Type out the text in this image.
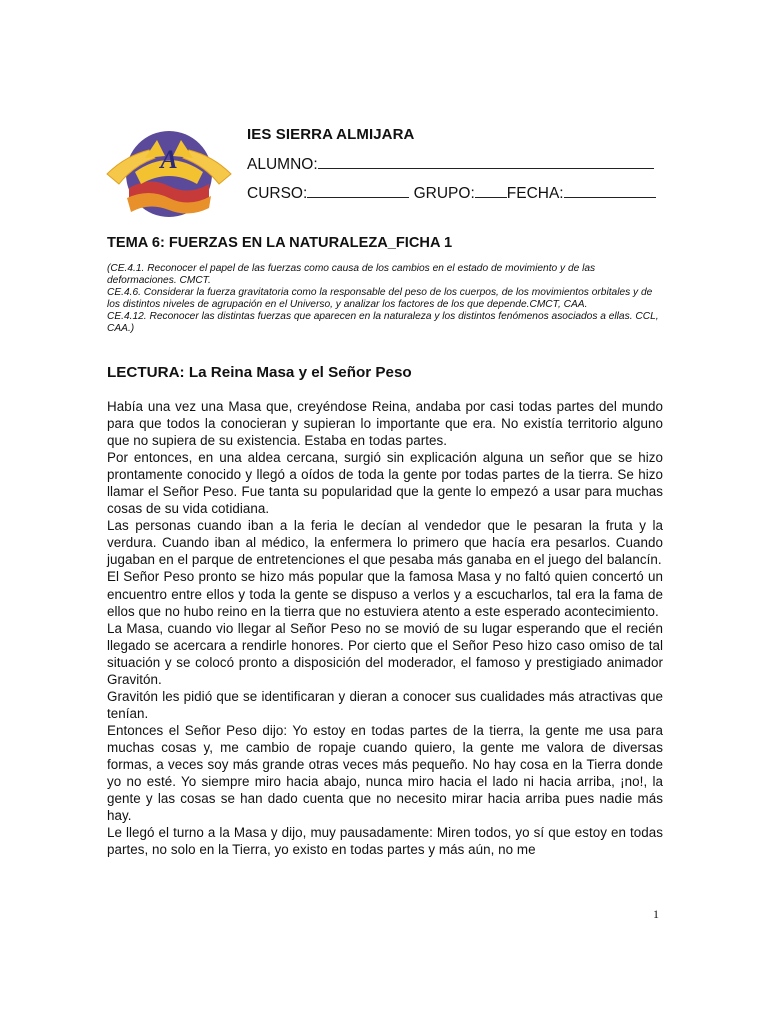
A
IES SIERRA ALMIJARA
ALUMNO:
CURSO:	GRUPO: FECHA:
TEMA 6: FUERZAS EN LA NATURALEZA_FICHA 1

(CE.4.1. Reconocer el papel de las fuerzas como causa de los cambios en el estado de movimiento y de las deformaciones. CMCT.

CE.4.6. Considerar la fuerza gravitatoria como la responsable del peso de los cuerpos, de los movimientos orbitales y de los distintos niveles de agrupación en el Universo, y analizar los factores de los que depende.CMCT, CAA.

CE.4.12. Reconocer las distintas fuerzas que aparecen en la naturaleza y los distintos fenómenos asociados a ellas. CCL, CAA.)

LECTURA: La Reina Masa y el Señor Peso

Había una vez una Masa que, creyéndose Reina, andaba por casi todas partes del mundo para que todos la conocieran y supieran lo importante que era. No existía territorio alguno que no supiera de su existencia. Estaba en todas partes.

Por entonces, en una aldea cercana, surgió sin explicación alguna un señor que se hizo prontamente conocido y llegó a oídos de toda la gente por todas partes de la tierra. Se hizo llamar el Señor Peso. Fue tanta su popularidad que la gente lo empezó a usar para muchas cosas de su vida cotidiana.

Las personas cuando iban a la feria le decían al vendedor que le pesaran la fruta y la verdura. Cuando iban al médico, la enfermera lo primero que hacía era pesarlos. Cuando jugaban en el parque de entretenciones el que pesaba más ganaba en el juego del balancín.

El Señor Peso pronto se hizo más popular que la famosa Masa y no faltó quien concertó un encuentro entre ellos y toda la gente se dispuso a verlos y a escucharlos, tal era la fama de ellos que no hubo reino en la tierra que no estuviera atento a este esperado acontecimiento.

La Masa, cuando vio llegar al Señor Peso no se movió de su lugar esperando que el recién llegado se acercara a rendirle honores. Por cierto que el Señor Peso hizo caso omiso de tal situación y se colocó pronto a disposición del moderador, el famoso y prestigiado animador Gravitón.

Gravitón les pidió que se identificaran y dieran a conocer sus cualidades más atractivas que tenían.

Entonces el Señor Peso dijo: Yo estoy en todas partes de la tierra, la gente me usa para muchas cosas y, me cambio de ropaje cuando quiero, la gente me valora de diversas formas, a veces soy más grande otras veces más pequeño. No hay cosa en la Tierra donde yo no esté. Yo siempre miro hacia abajo, nunca miro hacia el lado ni hacia arriba, ¡no!, la gente y las cosas se han dado cuenta que no necesito mirar hacia arriba pues nadie más hay.

Le llegó el turno a la Masa y dijo, muy pausadamente: Miren todos, yo sí que estoy en todas partes, no solo en la Tierra, yo existo en todas partes y más aún, no me

1
